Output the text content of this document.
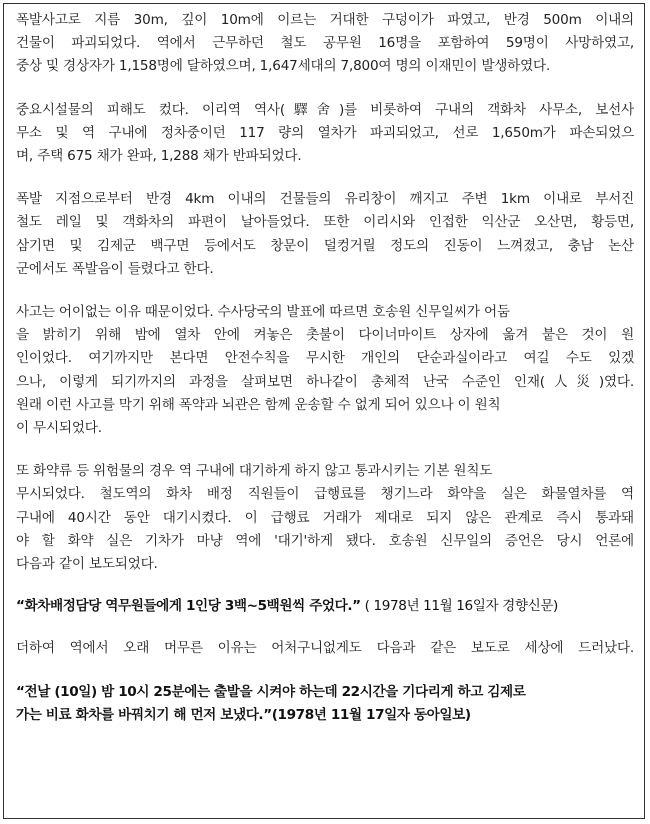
폭발사고로 지름 30m, 깊이 10m에 이르는 거대한 구덩이가 파였고, 반경 500m 이내의
건물이 파괴되었다. 역에서 근무하던 철도 공무원 16명을 포함하여 59명이 사망하였고,
중상 및 경상자가 1,158명에 달하였으며, 1,647세대의 7,800여 명의 이재민이 발생하였다.

중요시설물의 피해도 컸다. 이리역 역사(驛舍)를 비롯하여 구내의 객화차 사무소, 보선사
무소 및 역 구내에 정차중이던 117 량의 열차가 파괴되었고, 선로 1,650m가 파손되었으
며, 주택 675 채가 완파, 1,288 채가 반파되었다.

폭발 지점으로부터 반경 4km 이내의 건물들의 유리창이 깨지고 주변 1km 이내로 부서진
철도 레일 및 객화차의 파편이 날아들었다. 또한 이리시와 인접한 익산군 오산면, 황등면,
삼기면 및 김제군 백구면 등에서도 창문이 덜컹거릴 정도의 진동이 느껴졌고, 충남 논산
군에서도 폭발음이 들렸다고 한다.

사고는 어이없는 이유 때문이었다. 수사당국의 발표에 따르면 호송원 신무일씨가 어둠
을 밝히기 위해 밤에 열차 안에 켜놓은 촛불이 다이너마이트 상자에 옮겨 붙은 것이 원
인이었다. 여기까지만 본다면 안전수칙을 무시한 개인의 단순과실이라고 여길 수도 있겠
으나, 이렇게 되기까지의 과정을 살펴보면 하나같이 총체적 난국 수준인 인재(人災)였다.
원래 이런 사고를 막기 위해 폭약과 뇌관은 함께 운송할 수 없게 되어 있으나 이 원칙
이 무시되었다.

또 화약류 등 위험물의 경우 역 구내에 대기하게 하지 않고 통과시키는 기본 원칙도
무시되었다. 철도역의 화차 배정 직원들이 급행료를 챙기느라 화약을 실은 화물열차를 역
구내에 40시간 동안 대기시켰다. 이 급행료 거래가 제대로 되지 않은 관계로 즉시 통과돼
야 할 화약 실은 기차가 마냥 역에 '대기'하게 됐다. 호송원 신무일의 증언은 당시 언론에
다음과 같이 보도되었다.

“화차배정담당 역무원들에게 1인당 3백~5백원씩 주었다.” ( 1978년 11월 16일자 경향신문)

더하여 역에서 오래 머무른 이유는 어처구니없게도 다음과 같은 보도로 세상에 드러났다.

“전날 (10일) 밤 10시 25분에는 출발을 시켜야 하는데 22시간을 기다리게 하고 김제로
가는 비료 화차를 바꿔치기 해 먼저 보냈다.”(1978년 11월 17일자 동아일보)
